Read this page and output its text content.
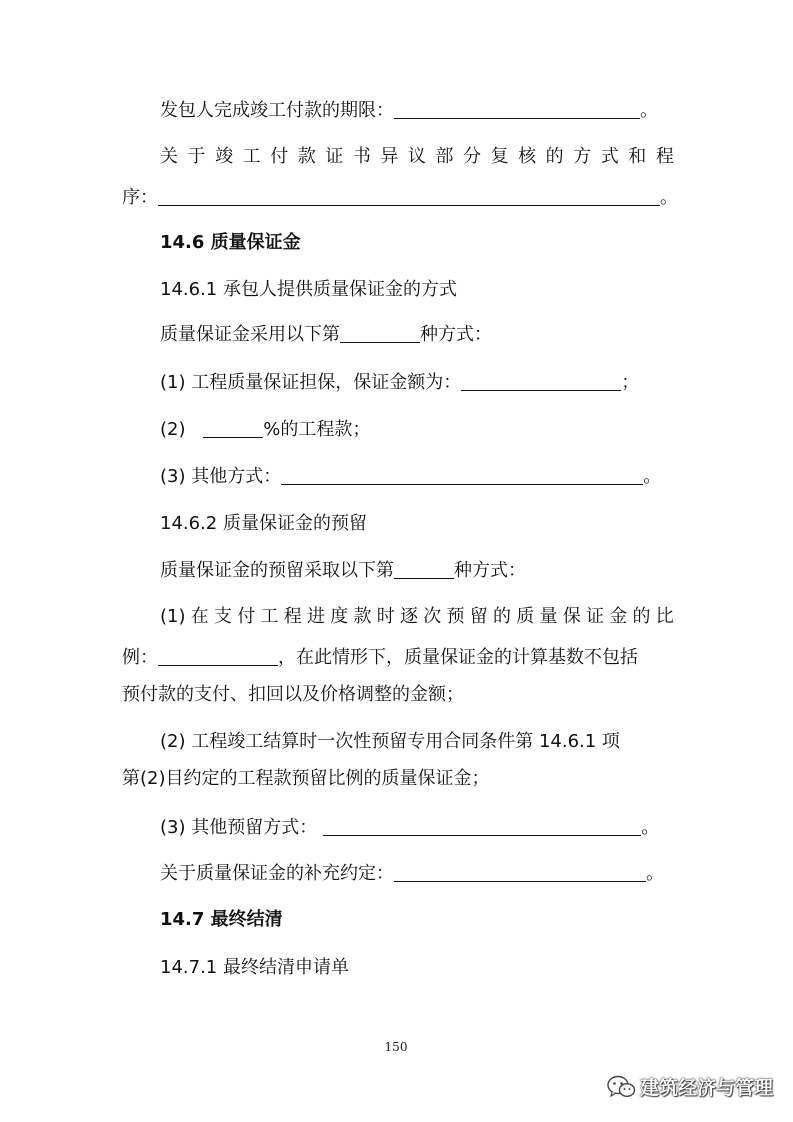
发包人完成竣工付款的期限：	。
关 于 竣 工 付 款 证 书 异 议 部 分 复 核 的 方 式 和 程
序：	。
14.6 质量保证金
14.6.1 承包人提供质量保证金的方式
质量保证金采用以下第	种方式：
(1) 工程质量保证担保，保证金额为：	；
(2)	%的工程款；
(3) 其他方式：	。
14.6.2 质量保证金的预留
质量保证金的预留采取以下第	种方式：
(1) 在 支 付 工 程 进 度 款 时 逐 次 预 留 的 质 量 保 证 金 的 比
例：	，在此情形下，质量保证金的计算基数不包括
预付款的支付、扣回以及价格调整的金额；
(2) 工程竣工结算时一次性预留专用合同条件第 14.6.1 项
第(2)目约定的工程款预留比例的质量保证金；
(3) 其他预留方式：	。
关于质量保证金的补充约定：	。
14.7 最终结清
14.7.1 最终结清申请单
150
建筑经济与管理
